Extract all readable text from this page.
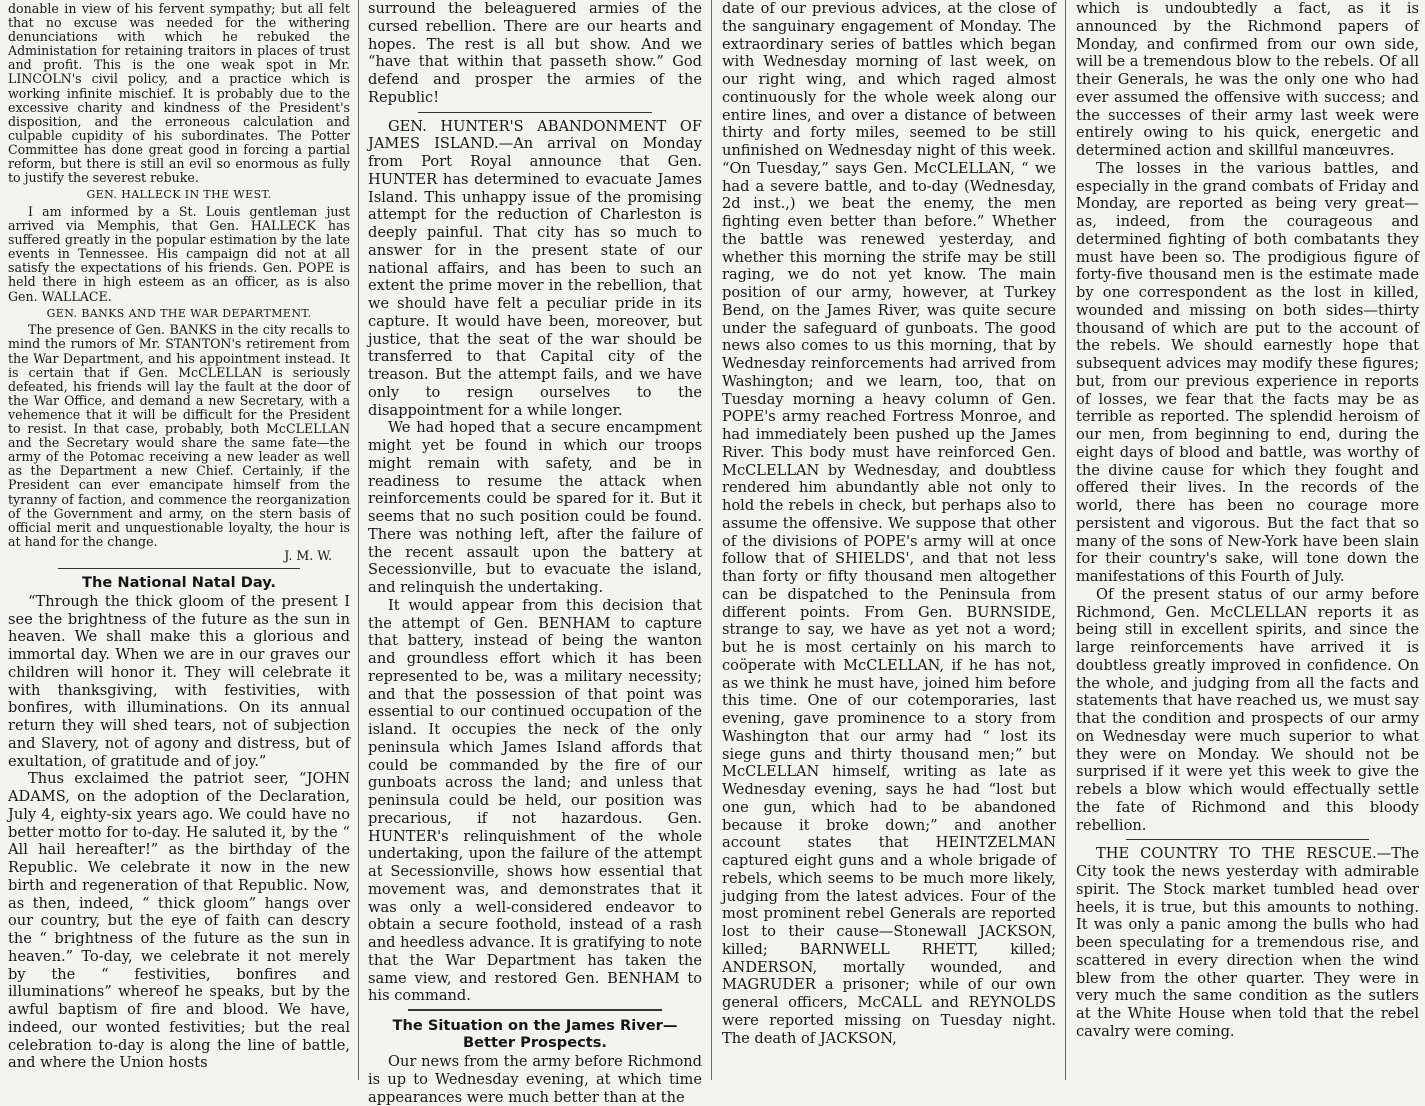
donable in view of his fervent sympathy; but all felt that no excuse was needed for the withering denunciations with which he rebuked the Administation for retaining traitors in places of trust and profit. This is the one weak spot in Mr. LINCOLN's civil policy, and a practice which is working infinite mischief. It is probably due to the excessive charity and kindness of the President's disposition, and the erroneous calculation and culpable cupidity of his subordinates. The Potter Committee has done great good in forcing a partial reform, but there is still an evil so enormous as fully to justify the severest rebuke.

GEN. HALLECK IN THE WEST.

I am informed by a St. Louis gentleman just arrived via Memphis, that Gen. HALLECK has suffered greatly in the popular estimation by the late events in Tennessee. His campaign did not at all satisfy the expectations of his friends. Gen. POPE is held there in high esteem as an officer, as is also Gen. WALLACE.

GEN. BANKS AND THE WAR DEPARTMENT.

The presence of Gen. BANKS in the city recalls to mind the rumors of Mr. STANTON's retirement from the War Department, and his appointment instead. It is certain that if Gen. McCLELLAN is seriously defeated, his friends will lay the fault at the door of the War Office, and demand a new Secretary, with a vehemence that it will be difficult for the President to resist. In that case, probably, both McCLELLAN and the Secretary would share the same fate—the army of the Potomac receiving a new leader as well as the Department a new Chief. Certainly, if the President can ever emancipate himself from the tyranny of faction, and commence the reorganization of the Government and army, on the stern basis of official merit and unquestionable loyalty, the hour is at hand for the change.

J. M. W.

The National Natal Day.

“Through the thick gloom of the present I see the brightness of the future as the sun in heaven. We shall make this a glorious and immortal day. When we are in our graves our children will honor it. They will celebrate it with thanksgiving, with festivities, with bonfires, with illuminations. On its annual return they will shed tears, not of subjection and Slavery, not of agony and distress, but of exultation, of gratitude and of joy.”

Thus exclaimed the patriot seer, “JOHN ADAMS, on the adoption of the Declaration, July 4, eighty-six years ago. We could have no better motto for to-day. He saluted it, by the “ All hail hereafter!” as the birthday of the Republic. We celebrate it now in the new birth and regeneration of that Republic. Now, as then, indeed, “ thick gloom” hangs over our country, but the eye of faith can descry the “ brightness of the future as the sun in heaven.” To-day, we celebrate it not merely by the “ festivities, bonfires and illuminations” whereof he speaks, but by the awful baptism of fire and blood. We have, indeed, our wonted festivities; but the real celebration to-day is along the line of battle, and where the Union hosts

surround the beleaguered armies of the cursed rebellion. There are our hearts and hopes. The rest is all but show. And we “have that within that passeth show.” God defend and prosper the armies of the Republic!

GEN. HUNTER'S ABANDONMENT OF JAMES ISLAND.—An arrival on Monday from Port Royal announce that Gen. HUNTER has determined to evacuate James Island. This unhappy issue of the promising attempt for the reduction of Charleston is deeply painful. That city has so much to answer for in the present state of our national affairs, and has been to such an extent the prime mover in the rebellion, that we should have felt a peculiar pride in its capture. It would have been, moreover, but justice, that the seat of the war should be transferred to that Capital city of the treason. But the attempt fails, and we have only to resign ourselves to the disappointment for a while longer.

We had hoped that a secure encampment might yet be found in which our troops might remain with safety, and be in readiness to resume the attack when reinforcements could be spared for it. But it seems that no such position could be found. There was nothing left, after the failure of the recent assault upon the battery at Secessionville, but to evacuate the island, and relinquish the undertaking.

It would appear from this decision that the attempt of Gen. BENHAM to capture that battery, instead of being the wanton and groundless effort which it has been represented to be, was a military necessity; and that the possession of that point was essential to our continued occupation of the island. It occupies the neck of the only peninsula which James Island affords that could be commanded by the fire of our gunboats across the land; and unless that peninsula could be held, our position was precarious, if not hazardous. Gen. HUNTER's relinquishment of the whole undertaking, upon the failure of the attempt at Secessionville, shows how essential that movement was, and demonstrates that it was only a well-considered endeavor to obtain a secure foothold, instead of a rash and heedless advance. It is gratifying to note that the War Department has taken the same view, and restored Gen. BENHAM to his command.

The Situation on the James River—Better Prospects.

Our news from the army before Richmond is up to Wednesday evening, at which time appearances were much better than at the

date of our previous advices, at the close of the sanguinary engagement of Monday. The extraordinary series of battles which began with Wednesday morning of last week, on our right wing, and which raged almost continuously for the whole week along our entire lines, and over a distance of between thirty and forty miles, seemed to be still unfinished on Wednesday night of this week. “On Tuesday,” says Gen. McCLELLAN, “ we had a severe battle, and to-day (Wednesday, 2d inst.,) we beat the enemy, the men fighting even better than before.” Whether the battle was renewed yesterday, and whether this morning the strife may be still raging, we do not yet know. The main position of our army, however, at Turkey Bend, on the James River, was quite secure under the safeguard of gunboats. The good news also comes to us this morning, that by Wednesday reinforcements had arrived from Washington; and we learn, too, that on Tuesday morning a heavy column of Gen. POPE's army reached Fortress Monroe, and had immediately been pushed up the James River. This body must have reinforced Gen. McCLELLAN by Wednesday, and doubtless rendered him abundantly able not only to hold the rebels in check, but perhaps also to assume the offensive. We suppose that other of the divisions of POPE's army will at once follow that of SHIELDS', and that not less than forty or fifty thousand men altogether can be dispatched to the Peninsula from different points. From Gen. BURNSIDE, strange to say, we have as yet not a word; but he is most certainly on his march to coöperate with McCLELLAN, if he has not, as we think he must have, joined him before this time. One of our cotemporaries, last evening, gave prominence to a story from Washington that our army had “ lost its siege guns and thirty thousand men;” but McCLELLAN himself, writing as late as Wednesday evening, says he had “lost but one gun, which had to be abandoned because it broke down;” and another account states that HEINTZELMAN captured eight guns and a whole brigade of rebels, which seems to be much more likely, judging from the latest advices. Four of the most prominent rebel Generals are reported lost to their cause—Stonewall JACKSON, killed; BARNWELL RHETT, killed; ANDERSON, mortally wounded, and MAGRUDER a prisoner; while of our own general officers, McCALL and REYNOLDS were reported missing on Tuesday night. The death of JACKSON,

which is undoubtedly a fact, as it is announced by the Richmond papers of Monday, and confirmed from our own side, will be a tremendous blow to the rebels. Of all their Generals, he was the only one who had ever assumed the offensive with success; and the successes of their army last week were entirely owing to his quick, energetic and determined action and skillful manœuvres.

The losses in the various battles, and especially in the grand combats of Friday and Monday, are reported as being very great—as, indeed, from the courageous and determined fighting of both combatants they must have been so. The prodigious figure of forty-five thousand men is the estimate made by one correspondent as the lost in killed, wounded and missing on both sides—thirty thousand of which are put to the account of the rebels. We should earnestly hope that subsequent advices may modify these figures; but, from our previous experience in reports of losses, we fear that the facts may be as terrible as reported. The splendid heroism of our men, from beginning to end, during the eight days of blood and battle, was worthy of the divine cause for which they fought and offered their lives. In the records of the world, there has been no courage more persistent and vigorous. But the fact that so many of the sons of New-York have been slain for their country's sake, will tone down the manifestations of this Fourth of July.

Of the present status of our army before Richmond, Gen. McCLELLAN reports it as being still in excellent spirits, and since the large reinforcements have arrived it is doubtless greatly improved in confidence. On the whole, and judging from all the facts and statements that have reached us, we must say that the condition and prospects of our army on Wednesday were much superior to what they were on Monday. We should not be surprised if it were yet this week to give the rebels a blow which would effectually settle the fate of Richmond and this bloody rebellion.

THE COUNTRY TO THE RESCUE.—The City took the news yesterday with admirable spirit. The Stock market tumbled head over heels, it is true, but this amounts to nothing. It was only a panic among the bulls who had been speculating for a tremendous rise, and scattered in every direction when the wind blew from the other quarter. They were in very much the same condition as the sutlers at the White House when told that the rebel cavalry were coming.
